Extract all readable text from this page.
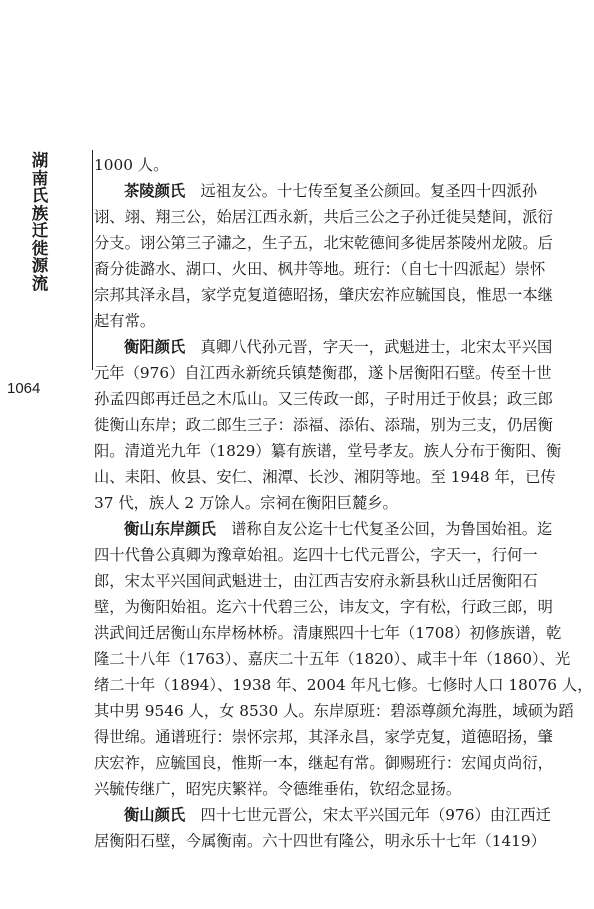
湖
南
氏
族
迁
徙
源
流
1064

1000 人。

茶陵颜氏　远祖友公。十七传至复圣公颜回。复圣四十四派孙
诩、翊、翔三公，始居江西永新，共后三公之子孙迁徙吴楚间，派衍
分支。诩公第三子潚之，生子五，北宋乾德间多徙居茶陵州龙陂。后
裔分徙潞水、湖口、火田、枫井等地。班行：（自七十四派起）崇怀
宗邦其泽永昌，家学克复道德昭扬，肇庆宏祚应毓国良，惟思一本继
起有常。

衡阳颜氏　真卿八代孙元晋，字天一，武魁进士，北宋太平兴国
元年（976）自江西永新统兵镇楚衡郡，遂卜居衡阳石壁。传至十世
孙孟四郎再迁邑之木瓜山。又三传政一郎，子时用迁于攸县；政三郎
徙衡山东岸；政二郎生三子：添福、添佑、添瑞，别为三支，仍居衡
阳。清道光九年（1829）纂有族谱，堂号孝友。族人分布于衡阳、衡
山、耒阳、攸县、安仁、湘潭、长沙、湘阴等地。至 1948 年，已传
37 代，族人 2 万馀人。宗祠在衡阳巨麓乡。

衡山东岸颜氏　谱称自友公迄十七代复圣公回，为鲁国始祖。迄
四十代鲁公真卿为豫章始祖。迄四十七代元晋公，字天一，行何一
郎，宋太平兴国间武魁进士，由江西吉安府永新县秋山迁居衡阳石
壁，为衡阳始祖。迄六十代碧三公，讳友文，字有松，行政三郎，明
洪武间迁居衡山东岸杨林桥。清康熙四十七年（1708）初修族谱，乾
隆二十八年（1763）、嘉庆二十五年（1820）、咸丰十年（1860）、光
绪二十年（1894）、1938 年、2004 年凡七修。七修时人口 18076 人，
其中男 9546 人，女 8530 人。东岸原班：碧添尊颜允海胜，域硕为蹈
得世绵。通谱班行：崇怀宗邦，其泽永昌，家学克复，道德昭扬，肇
庆宏祚，应毓国良，惟斯一本，继起有常。御赐班行：宏闻贞尚衍，
兴毓传继广，昭宪庆繁祥。令德维垂佑，钦绍念显扬。

衡山颜氏　四十七世元晋公，宋太平兴国元年（976）由江西迁
居衡阳石壁，今属衡南。六十四世有隆公，明永乐十七年（1419）
